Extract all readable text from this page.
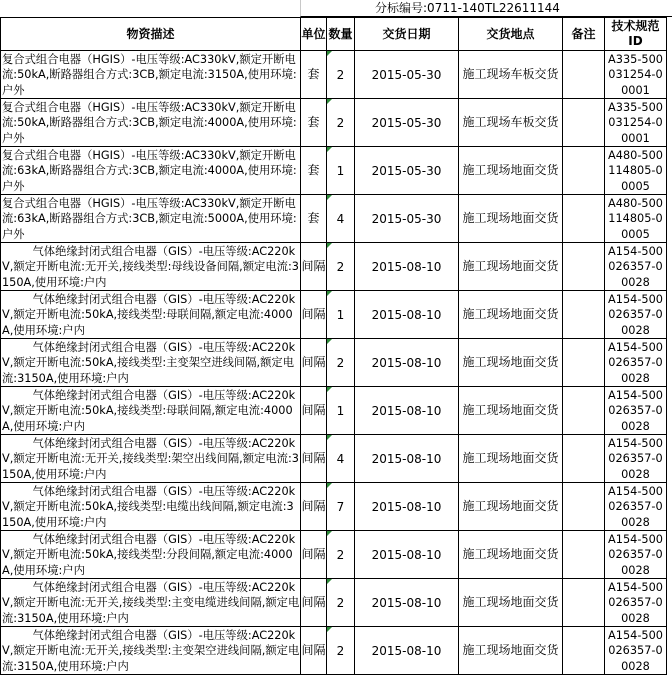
分标编号:0711-140TL22611144
物资描述	单位	数量	交货日期	交货地点	备注	技术规范ID

复合式组合电器（HGIS）-电压等级:AC330kV,额定开断电流:50kA,断路器组合方式:3CB,额定电流:3150A,使用环境:户外	套	2	2015-05-30	施工现场车板交货		A335-500031254-00001

复合式组合电器（HGIS）-电压等级:AC330kV,额定开断电流:50kA,断路器组合方式:3CB,额定电流:4000A,使用环境:户外	套	2	2015-05-30	施工现场车板交货		A335-500031254-00001

复合式组合电器（HGIS）-电压等级:AC330kV,额定开断电流:63kA,断路器组合方式:3CB,额定电流:4000A,使用环境:户外	套	1	2015-05-30	施工现场地面交货		A480-500114805-00005

复合式组合电器（HGIS）-电压等级:AC330kV,额定开断电流:63kA,断路器组合方式:3CB,额定电流:5000A,使用环境:户外	套	4	2015-05-30	施工现场地面交货		A480-500114805-00005

气体绝缘封闭式组合电器（GIS）-电压等级:AC220kV,额定开断电流:无开关,接线类型:母线设备间隔,额定电流:3150A,使用环境:户内	间隔	2	2015-08-10	施工现场地面交货		A154-500026357-00028

气体绝缘封闭式组合电器（GIS）-电压等级:AC220kV,额定开断电流:50kA,接线类型:母联间隔,额定电流:4000A,使用环境:户内	间隔	1	2015-08-10	施工现场地面交货		A154-500026357-00028

气体绝缘封闭式组合电器（GIS）-电压等级:AC220kV,额定开断电流:50kA,接线类型:主变架空进线间隔,额定电流:3150A,使用环境:户内	间隔	2	2015-08-10	施工现场地面交货		A154-500026357-00028

气体绝缘封闭式组合电器（GIS）-电压等级:AC220kV,额定开断电流:50kA,接线类型:母联间隔,额定电流:4000A,使用环境:户内	间隔	1	2015-08-10	施工现场地面交货		A154-500026357-00028

气体绝缘封闭式组合电器（GIS）-电压等级:AC220kV,额定开断电流:无开关,接线类型:架空出线间隔,额定电流:3150A,使用环境:户内	间隔	4	2015-08-10	施工现场地面交货		A154-500026357-00028

气体绝缘封闭式组合电器（GIS）-电压等级:AC220kV,额定开断电流:50kA,接线类型:电缆出线间隔,额定电流:3150A,使用环境:户内	间隔	7	2015-08-10	施工现场地面交货		A154-500026357-00028

气体绝缘封闭式组合电器（GIS）-电压等级:AC220kV,额定开断电流:50kA,接线类型:分段间隔,额定电流:4000A,使用环境:户内	间隔	2	2015-08-10	施工现场地面交货		A154-500026357-00028

气体绝缘封闭式组合电器（GIS）-电压等级:AC220kV,额定开断电流:无开关,接线类型:主变电缆进线间隔,额定电流:3150A,使用环境:户内	间隔	2	2015-08-10	施工现场地面交货		A154-500026357-00028

气体绝缘封闭式组合电器（GIS）-电压等级:AC220kV,额定开断电流:无开关,接线类型:主变架空进线间隔,额定电流:3150A,使用环境:户内	间隔	2	2015-08-10	施工现场地面交货		A154-500026357-00028
